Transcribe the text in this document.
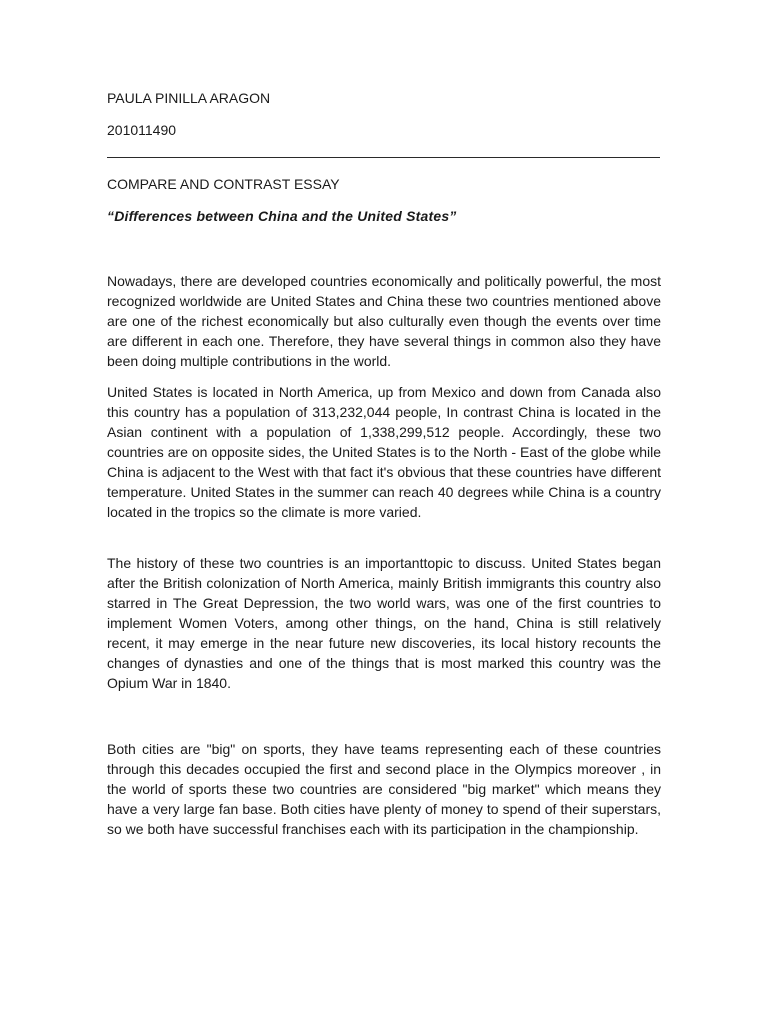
PAULA PINILLA ARAGON
201011490
COMPARE AND CONTRAST ESSAY
“Differences between China and the United States”

Nowadays, there are developed countries economically and politically powerful, the most recognized worldwide are United States and China these two countries mentioned above are one of the richest economically but also culturally even though the events over time are different in each one. Therefore, they have several things in common also they have been doing multiple contributions in the world.

United States is located in North America, up from Mexico and down from Canada also this country has a population of 313,232,044 people, In contrast China is located in the Asian continent with a population of 1,338,299,512 people. Accordingly, these two countries are on opposite sides, the United States is to the North - East of the globe while China is adjacent to the West with that fact it's obvious that these countries have different temperature. United States in the summer can reach 40 degrees while China is a country located in the tropics so the climate is more varied.

The history of these two countries is an importanttopic to discuss. United States began after the British colonization of North America, mainly British immigrants this country also starred in The Great Depression, the two world wars, was one of the first countries to implement Women Voters, among other things, on the hand, China is still relatively recent, it may emerge in the near future new discoveries, its local history recounts the changes of dynasties and one of the things that is most marked this country was the Opium War in 1840.

Both cities are "big" on sports, they have teams representing each of these countries through this decades occupied the first and second place in the Olympics moreover , in the world of sports these two countries are considered "big market" which means they have a very large fan base. Both cities have plenty of money to spend of their superstars, so we both have successful franchises each with its participation in the championship.
